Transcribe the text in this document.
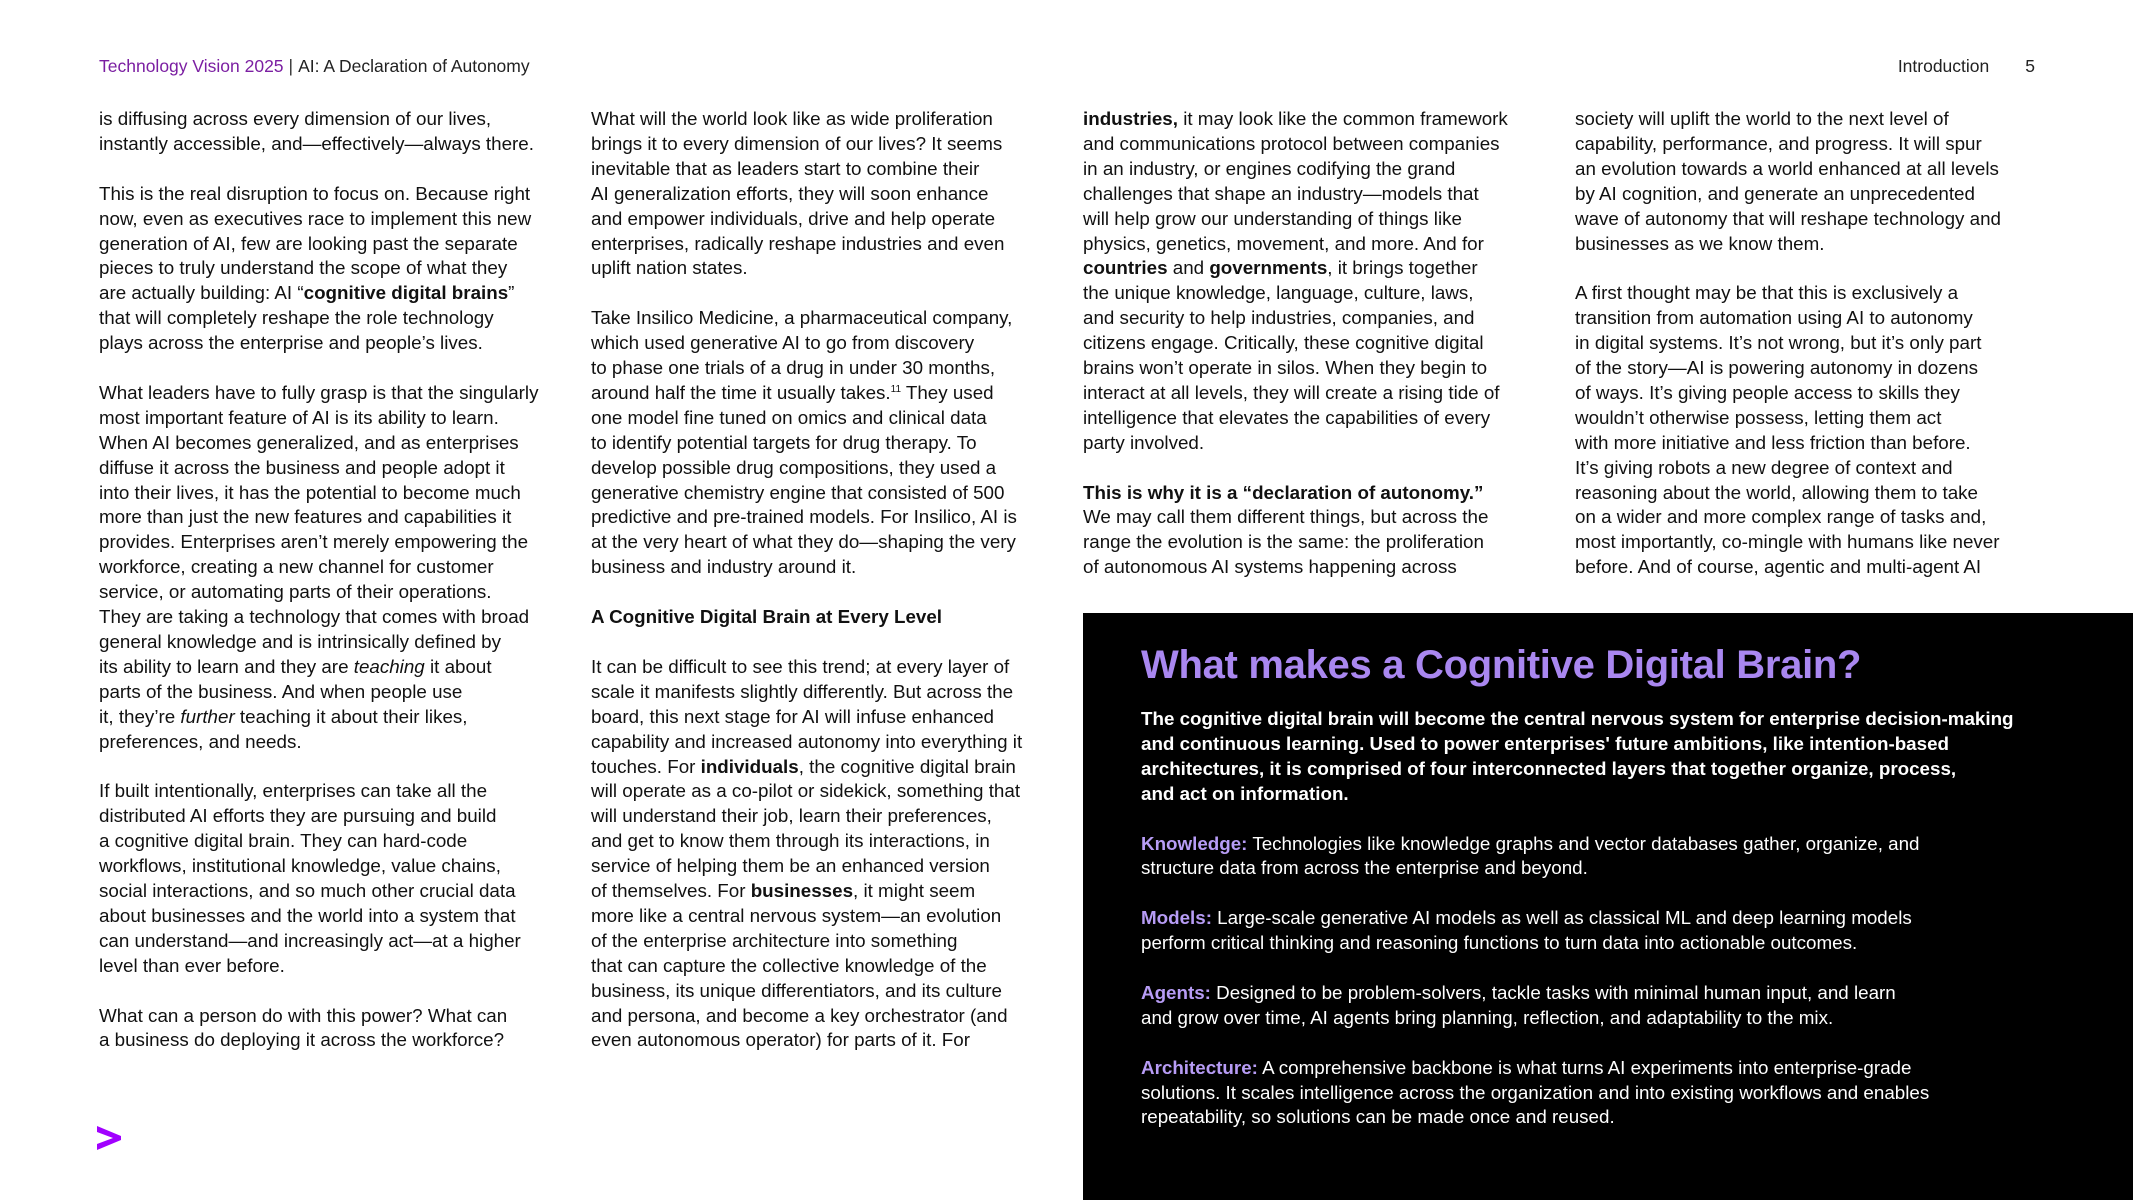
Technology Vision 2025 | AI: A Declaration of Autonomy	Introduction 5

is diffusing across every dimension of our lives,
instantly accessible, and—effectively—always there.

This is the real disruption to focus on. Because right
now, even as executives race to implement this new
generation of AI, few are looking past the separate
pieces to truly understand the scope of what they
are actually building: AI “cognitive digital brains”
that will completely reshape the role technology
plays across the enterprise and people’s lives.

What leaders have to fully grasp is that the singularly
most important feature of AI is its ability to learn.
When AI becomes generalized, and as enterprises
diffuse it across the business and people adopt it
into their lives, it has the potential to become much
more than just the new features and capabilities it
provides. Enterprises aren’t merely empowering the
workforce, creating a new channel for customer
service, or automating parts of their operations.
They are taking a technology that comes with broad
general knowledge and is intrinsically defined by
its ability to learn and they are teaching it about
parts of the business. And when people use
it, they’re further teaching it about their likes,
preferences, and needs.

If built intentionally, enterprises can take all the
distributed AI efforts they are pursuing and build
a cognitive digital brain. They can hard-code
workflows, institutional knowledge, value chains,
social interactions, and so much other crucial data
about businesses and the world into a system that
can understand—and increasingly act—at a higher
level than ever before.

What can a person do with this power? What can
a business do deploying it across the workforce?

What will the world look like as wide proliferation
brings it to every dimension of our lives? It seems
inevitable that as leaders start to combine their
AI generalization efforts, they will soon enhance
and empower individuals, drive and help operate
enterprises, radically reshape industries and even
uplift nation states.

Take Insilico Medicine, a pharmaceutical company,
which used generative AI to go from discovery
to phase one trials of a drug in under 30 months,
around half the time it usually takes.$^{11}$ They used
one model fine tuned on omics and clinical data
to identify potential targets for drug therapy. To
develop possible drug compositions, they used a
generative chemistry engine that consisted of 500
predictive and pre-trained models. For Insilico, AI is
at the very heart of what they do—shaping the very
business and industry around it.

A Cognitive Digital Brain at Every Level

It can be difficult to see this trend; at every layer of
scale it manifests slightly differently. But across the
board, this next stage for AI will infuse enhanced
capability and increased autonomy into everything it
touches. For individuals, the cognitive digital brain
will operate as a co-pilot or sidekick, something that
will understand their job, learn their preferences,
and get to know them through its interactions, in
service of helping them be an enhanced version
of themselves. For businesses, it might seem
more like a central nervous system—an evolution
of the enterprise architecture into something
that can capture the collective knowledge of the
business, its unique differentiators, and its culture
and persona, and become a key orchestrator (and
even autonomous operator) for parts of it. For

industries, it may look like the common framework
and communications protocol between companies
in an industry, or engines codifying the grand
challenges that shape an industry—models that
will help grow our understanding of things like
physics, genetics, movement, and more. And for
countries and governments, it brings together
the unique knowledge, language, culture, laws,
and security to help industries, companies, and
citizens engage. Critically, these cognitive digital
brains won’t operate in silos. When they begin to
interact at all levels, they will create a rising tide of
intelligence that elevates the capabilities of every
party involved.

This is why it is a “declaration of autonomy.”
We may call them different things, but across the
range the evolution is the same: the proliferation
of autonomous AI systems happening across

society will uplift the world to the next level of
capability, performance, and progress. It will spur
an evolution towards a world enhanced at all levels
by AI cognition, and generate an unprecedented
wave of autonomy that will reshape technology and
businesses as we know them.

A first thought may be that this is exclusively a
transition from automation using AI to autonomy
in digital systems. It’s not wrong, but it’s only part
of the story—AI is powering autonomy in dozens
of ways. It’s giving people access to skills they
wouldn’t otherwise possess, letting them act
with more initiative and less friction than before.
It’s giving robots a new degree of context and
reasoning about the world, allowing them to take
on a wider and more complex range of tasks and,
most importantly, co-mingle with humans like never
before. And of course, agentic and multi-agent AI

What makes a Cognitive Digital Brain?
The cognitive digital brain will become the central nervous system for enterprise decision-making
and continuous learning. Used to power enterprises' future ambitions, like intention-based
architectures, it is comprised of four interconnected layers that together organize, process,
and act on information.
Knowledge: Technologies like knowledge graphs and vector databases gather, organize, and
structure data from across the enterprise and beyond.
Models: Large-scale generative AI models as well as classical ML and deep learning models
perform critical thinking and reasoning functions to turn data into actionable outcomes.
Agents: Designed to be problem-solvers, tackle tasks with minimal human input, and learn
and grow over time, AI agents bring planning, reflection, and adaptability to the mix.
Architecture: A comprehensive backbone is what turns AI experiments into enterprise-grade
solutions. It scales intelligence across the organization and into existing workflows and enables
repeatability, so solutions can be made once and reused.
